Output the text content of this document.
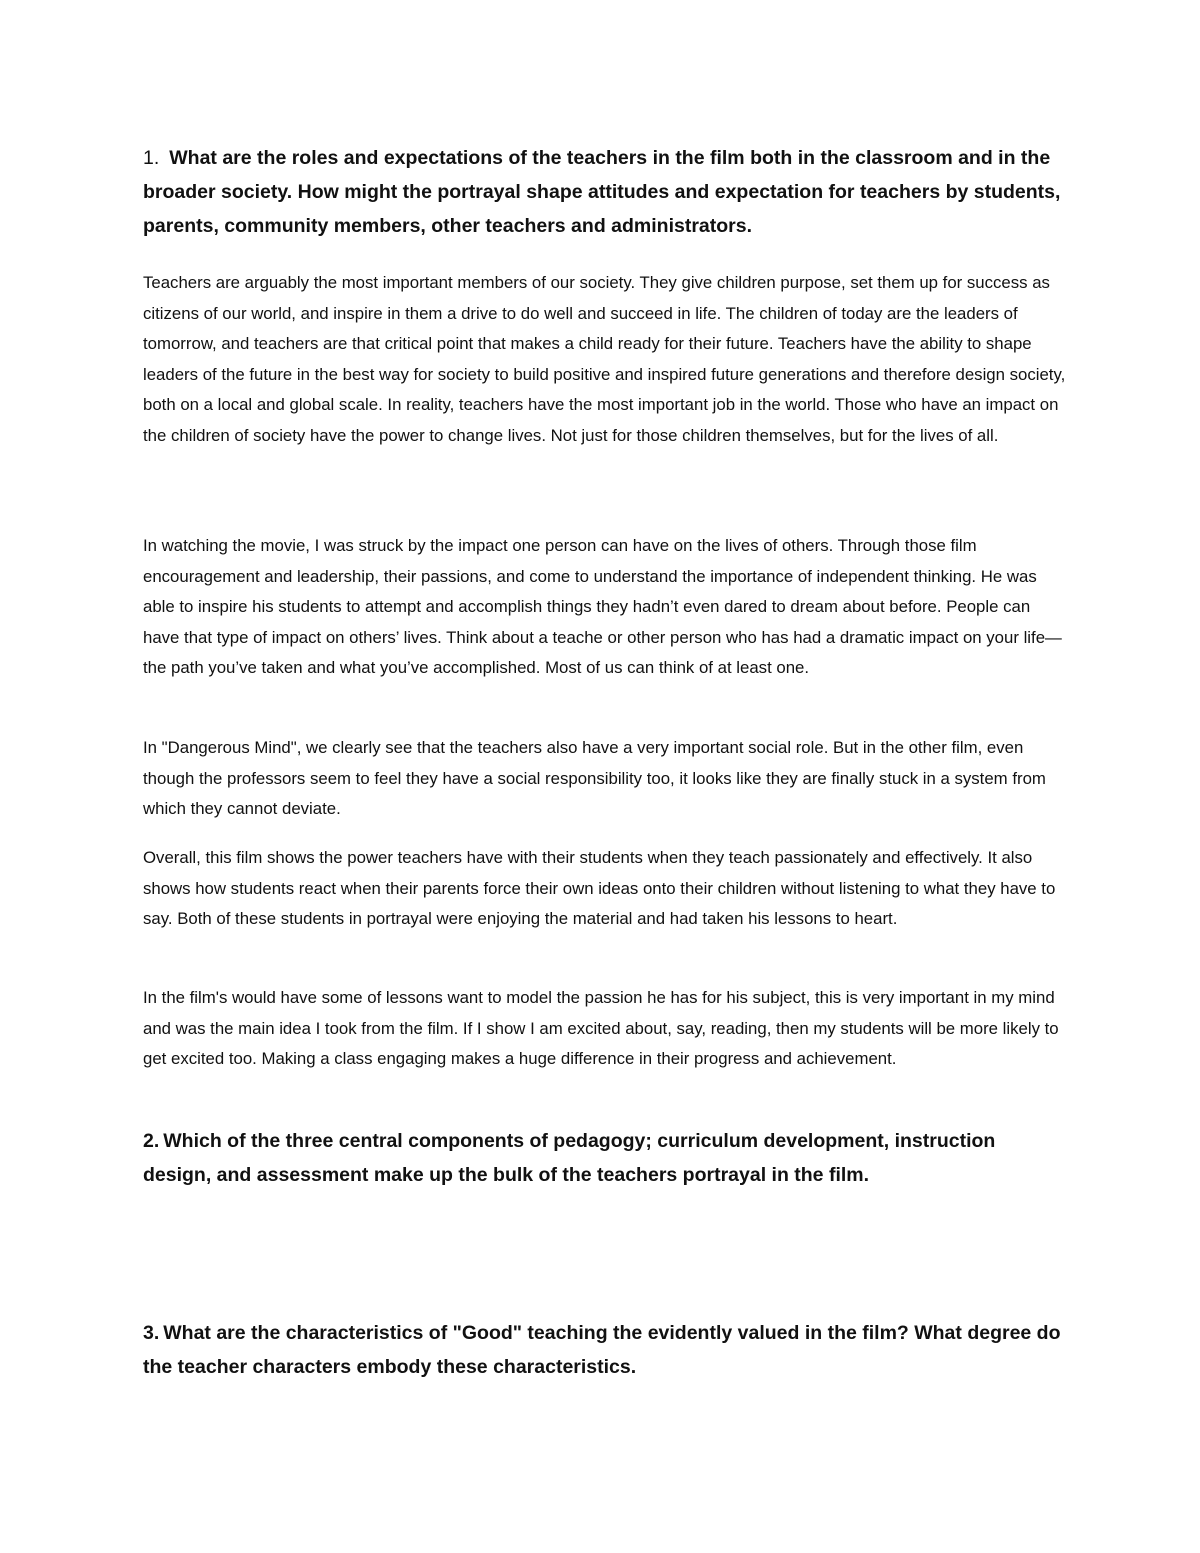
1. What are the roles and expectations of the teachers in the film both in the classroom and in the broader society. How might the portrayal shape attitudes and expectation for teachers by students, parents, community members, other teachers and administrators.

Teachers are arguably the most important members of our society. They give children purpose, set them up for success as citizens of our world, and inspire in them a drive to do well and succeed in life. The children of today are the leaders of tomorrow, and teachers are that critical point that makes a child ready for their future. Teachers have the ability to shape leaders of the future in the best way for society to build positive and inspired future generations and therefore design society, both on a local and global scale. In reality, teachers have the most important job in the world. Those who have an impact on the children of society have the power to change lives. Not just for those children themselves, but for the lives of all.

In watching the movie, I was struck by the impact one person can have on the lives of others. Through those film encouragement and leadership, their passions, and come to understand the importance of independent thinking. He was able to inspire his students to attempt and accomplish things they hadn’t even dared to dream about before. People can have that type of impact on others’ lives. Think about a teache or other person who has had a dramatic impact on your life—the path you’ve taken and what you’ve accomplished. Most of us can think of at least one.

In "Dangerous Mind", we clearly see that the teachers also have a very important social role. But in the other film, even though the professors seem to feel they have a social responsibility too, it looks like they are finally stuck in a system from which they cannot deviate.

Overall, this film shows the power teachers have with their students when they teach passionately and effectively. It also shows how students react when their parents force their own ideas onto their children without listening to what they have to say. Both of these students in portrayal were enjoying the material and had taken his lessons to heart.

In the film's would have some of lessons want to model the passion he has for his subject, this is very important in my mind and was the main idea I took from the film. If I show I am excited about, say, reading, then my students will be more likely to get excited too. Making a class engaging makes a huge difference in their progress and achievement.

2. Which of the three central components of pedagogy; curriculum development, instruction design, and assessment make up the bulk of the teachers portrayal in the film.

3. What are the characteristics of "Good" teaching the evidently valued in the film? What degree do the teacher characters embody these characteristics.
